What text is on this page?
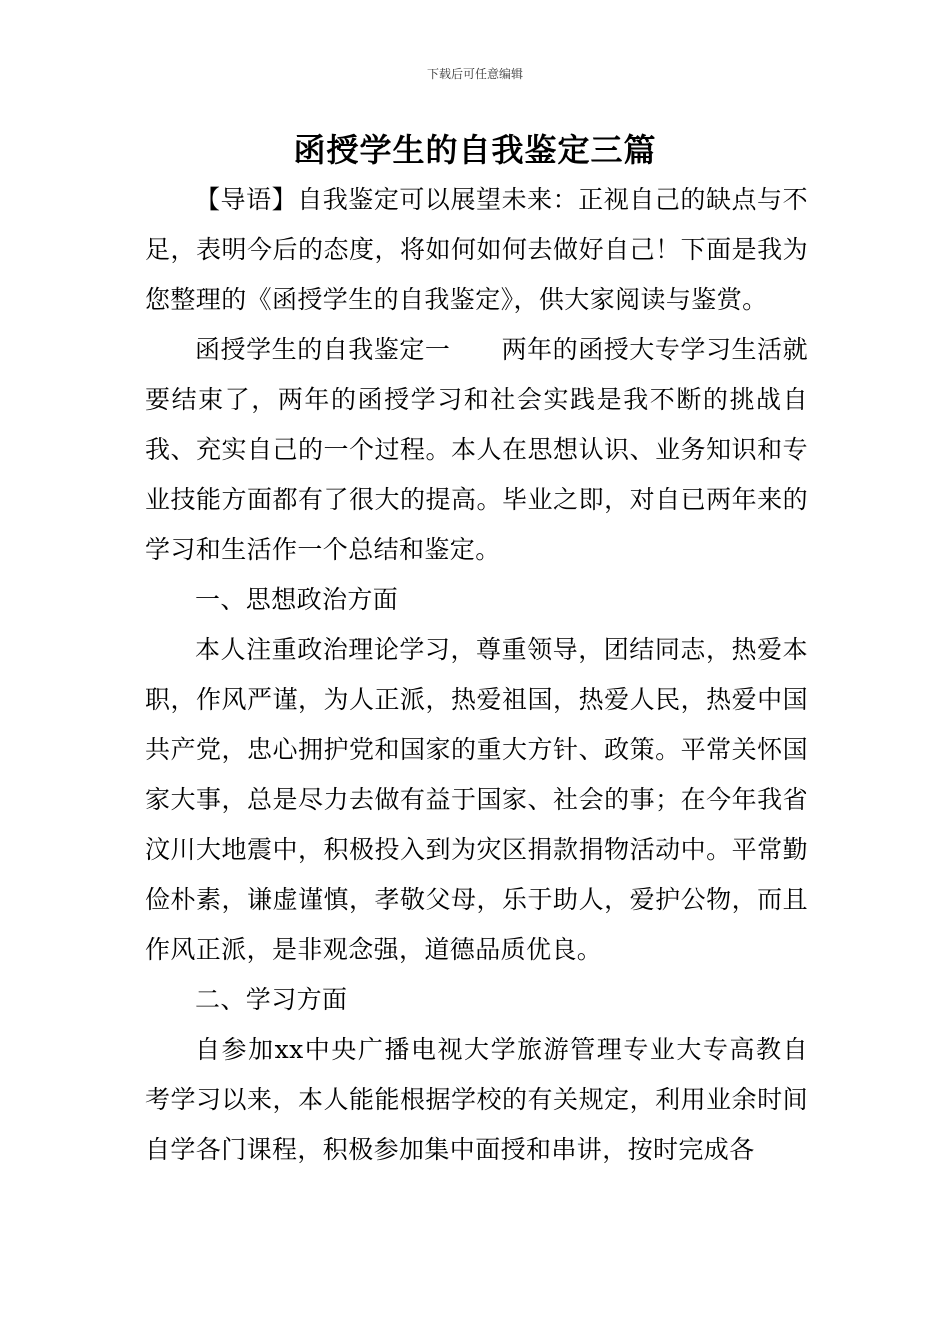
下载后可任意编辑
函授学生的自我鉴定三篇

【导语】自我鉴定可以展望未来：正视自己的缺点与不足，表明今后的态度，将如何如何去做好自己！下面是我为您整理的《函授学生的自我鉴定》，供大家阅读与鉴赏。

函授学生的自我鉴定一　　两年的函授大专学习生活就要结束了，两年的函授学习和社会实践是我不断的挑战自我、充实自己的一个过程。本人在思想认识、业务知识和专业技能方面都有了很大的提高。毕业之即，对自已两年来的学习和生活作一个总结和鉴定。

一、思想政治方面

本人注重政治理论学习，尊重领导，团结同志，热爱本职，作风严谨，为人正派，热爱祖国，热爱人民，热爱中国共产党，忠心拥护党和国家的重大方针、政策。平常关怀国家大事，总是尽力去做有益于国家、社会的事；在今年我省汶川大地震中，积极投入到为灾区捐款捐物活动中。平常勤俭朴素，谦虚谨慎，孝敬父母，乐于助人，爱护公物，而且作风正派，是非观念强，道德品质优良。

二、学习方面

自参加xx中央广播电视大学旅游管理专业大专高教自考学习以来，本人能能根据学校的有关规定，利用业余时间自学各门课程，积极参加集中面授和串讲，按时完成各
